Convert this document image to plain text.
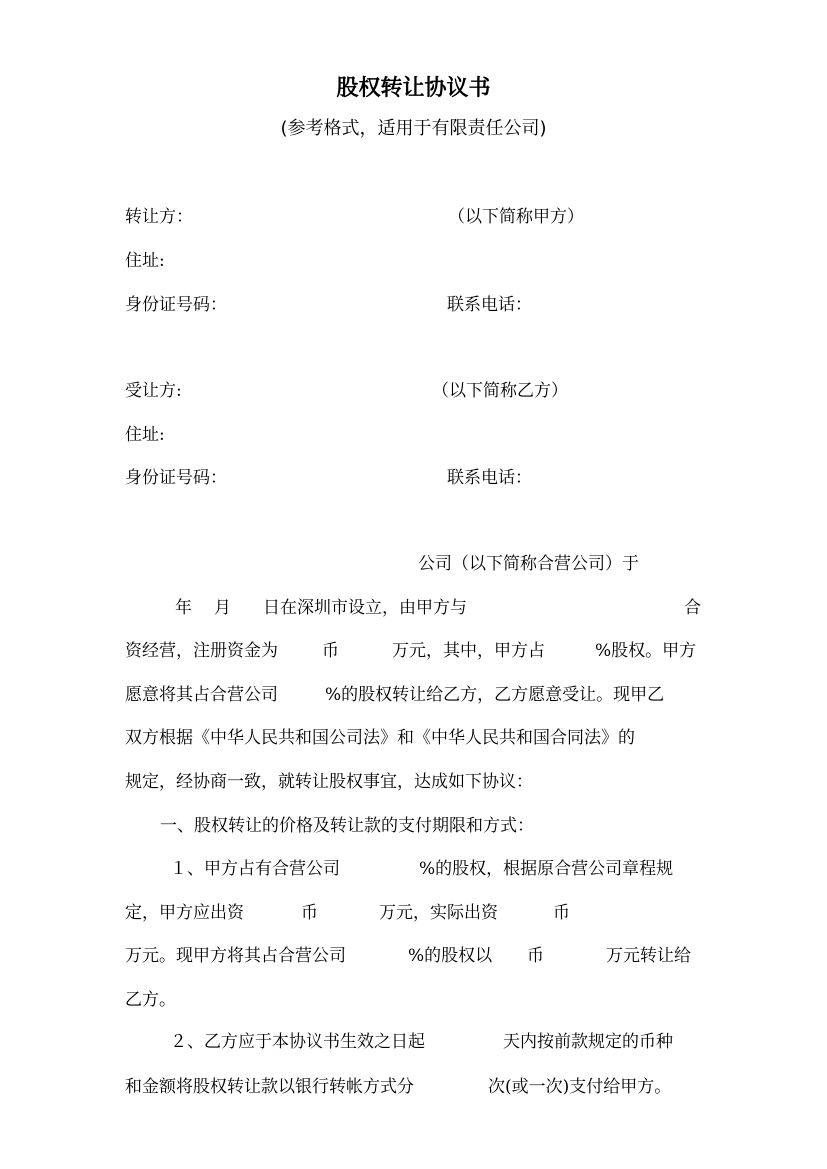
股权转让协议书
(参考格式，适用于有限责任公司)
转让方：	（以下简称甲方）
住址:
身份证号码：	联系电话：
受让方:	（以下简称乙方）
住址:
身份证号码：	联系电话：
公司（以下简称合营公司）于
年 月 日在深圳市设立，由甲方与	合
资经营，注册资金为	币	万元，其中，甲方占	%股权。甲方
愿意将其占合营公司	%的股权转让给乙方，乙方愿意受让。现甲乙
双方根据《中华人民共和国公司法》和《中华人民共和国合同法》的
规定，经协商一致，就转让股权事宜，达成如下协议：
一、股权转让的价格及转让款的支付期限和方式：
１、甲方占有合营公司	%的股权，根据原合营公司章程规
定，甲方应出资	币	万元，实际出资	币
万元。现甲方将其占合营公司	%的股权以 币	万元转让给
乙方。
２、乙方应于本协议书生效之日起	天内按前款规定的币种
和金额将股权转让款以银行转帐方式分	次(或一次)支付给甲方。
